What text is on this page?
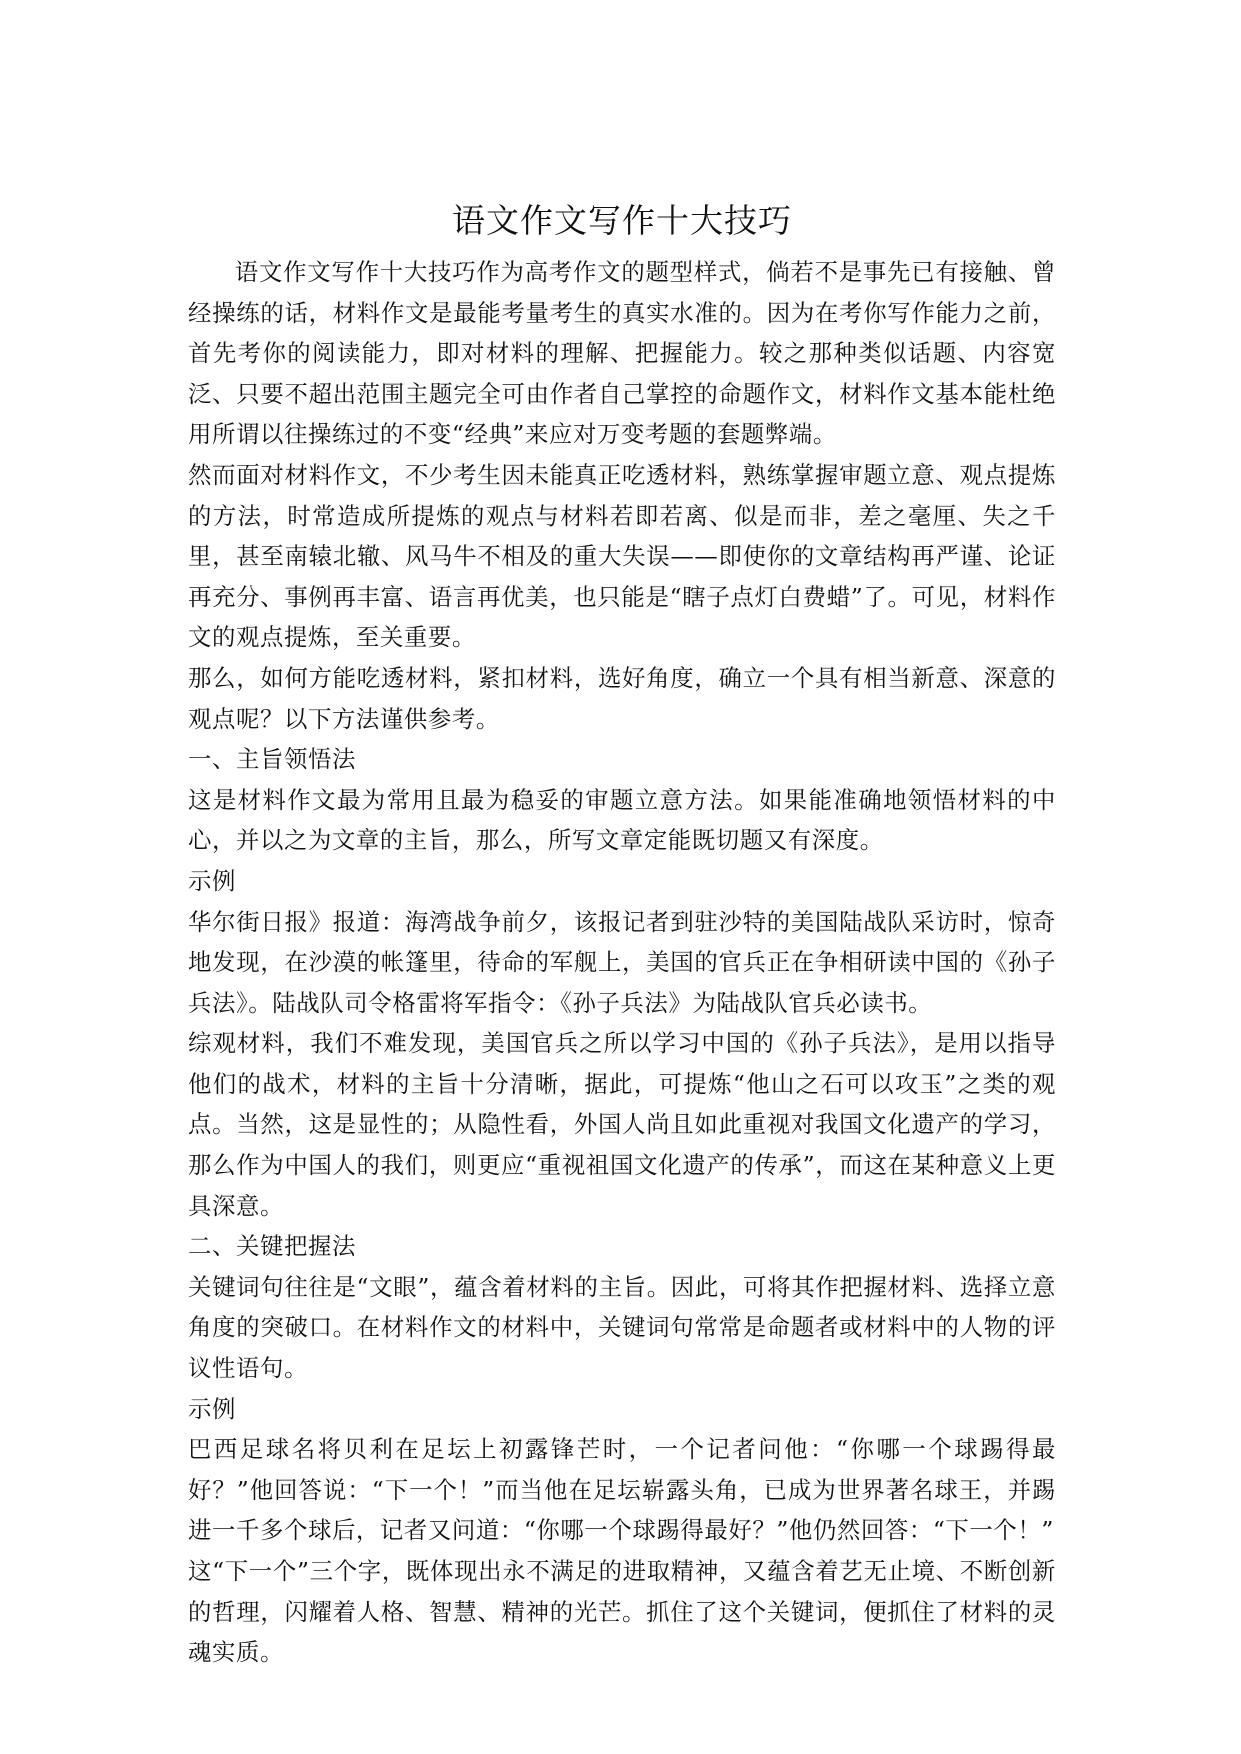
语文作文写作十大技巧

语文作文写作十大技巧作为高考作文的题型样式，倘若不是事先已有接触、曾经操练的话，材料作文是最能考量考生的真实水准的。因为在考你写作能力之前，首先考你的阅读能力，即对材料的理解、把握能力。较之那种类似话题、内容宽泛、只要不超出范围主题完全可由作者自己掌控的命题作文，材料作文基本能杜绝用所谓以往操练过的不变“经典”来应对万变考题的套题弊端。

然而面对材料作文，不少考生因未能真正吃透材料，熟练掌握审题立意、观点提炼的方法，时常造成所提炼的观点与材料若即若离、似是而非，差之毫厘、失之千里，甚至南辕北辙、风马牛不相及的重大失误——即使你的文章结构再严谨、论证再充分、事例再丰富、语言再优美，也只能是“瞎子点灯白费蜡”了。可见，材料作文的观点提炼，至关重要。

那么，如何方能吃透材料，紧扣材料，选好角度，确立一个具有相当新意、深意的观点呢？以下方法谨供参考。

一、主旨领悟法

这是材料作文最为常用且最为稳妥的审题立意方法。如果能准确地领悟材料的中心，并以之为文章的主旨，那么，所写文章定能既切题又有深度。

示例

华尔街日报》报道：海湾战争前夕，该报记者到驻沙特的美国陆战队采访时，惊奇地发现，在沙漠的帐篷里，待命的军舰上，美国的官兵正在争相研读中国的《孙子兵法》。陆战队司令格雷将军指令：《孙子兵法》为陆战队官兵必读书。

综观材料，我们不难发现，美国官兵之所以学习中国的《孙子兵法》，是用以指导他们的战术，材料的主旨十分清晰，据此，可提炼“他山之石可以攻玉”之类的观点。当然，这是显性的；从隐性看，外国人尚且如此重视对我国文化遗产的学习，那么作为中国人的我们，则更应“重视祖国文化遗产的传承”，而这在某种意义上更具深意。

二、关键把握法

关键词句往往是“文眼”，蕴含着材料的主旨。因此，可将其作把握材料、选择立意角度的突破口。在材料作文的材料中，关键词句常常是命题者或材料中的人物的评议性语句。

示例

巴西足球名将贝利在足坛上初露锋芒时，一个记者问他：“你哪一个球踢得最好？”他回答说：“下一个！”而当他在足坛崭露头角，已成为世界著名球王，并踢进一千多个球后，记者又问道：“你哪一个球踢得最好？”他仍然回答：“下一个！”

这“下一个”三个字，既体现出永不满足的进取精神，又蕴含着艺无止境、不断创新的哲理，闪耀着人格、智慧、精神的光芒。抓住了这个关键词，便抓住了材料的灵魂实质。
